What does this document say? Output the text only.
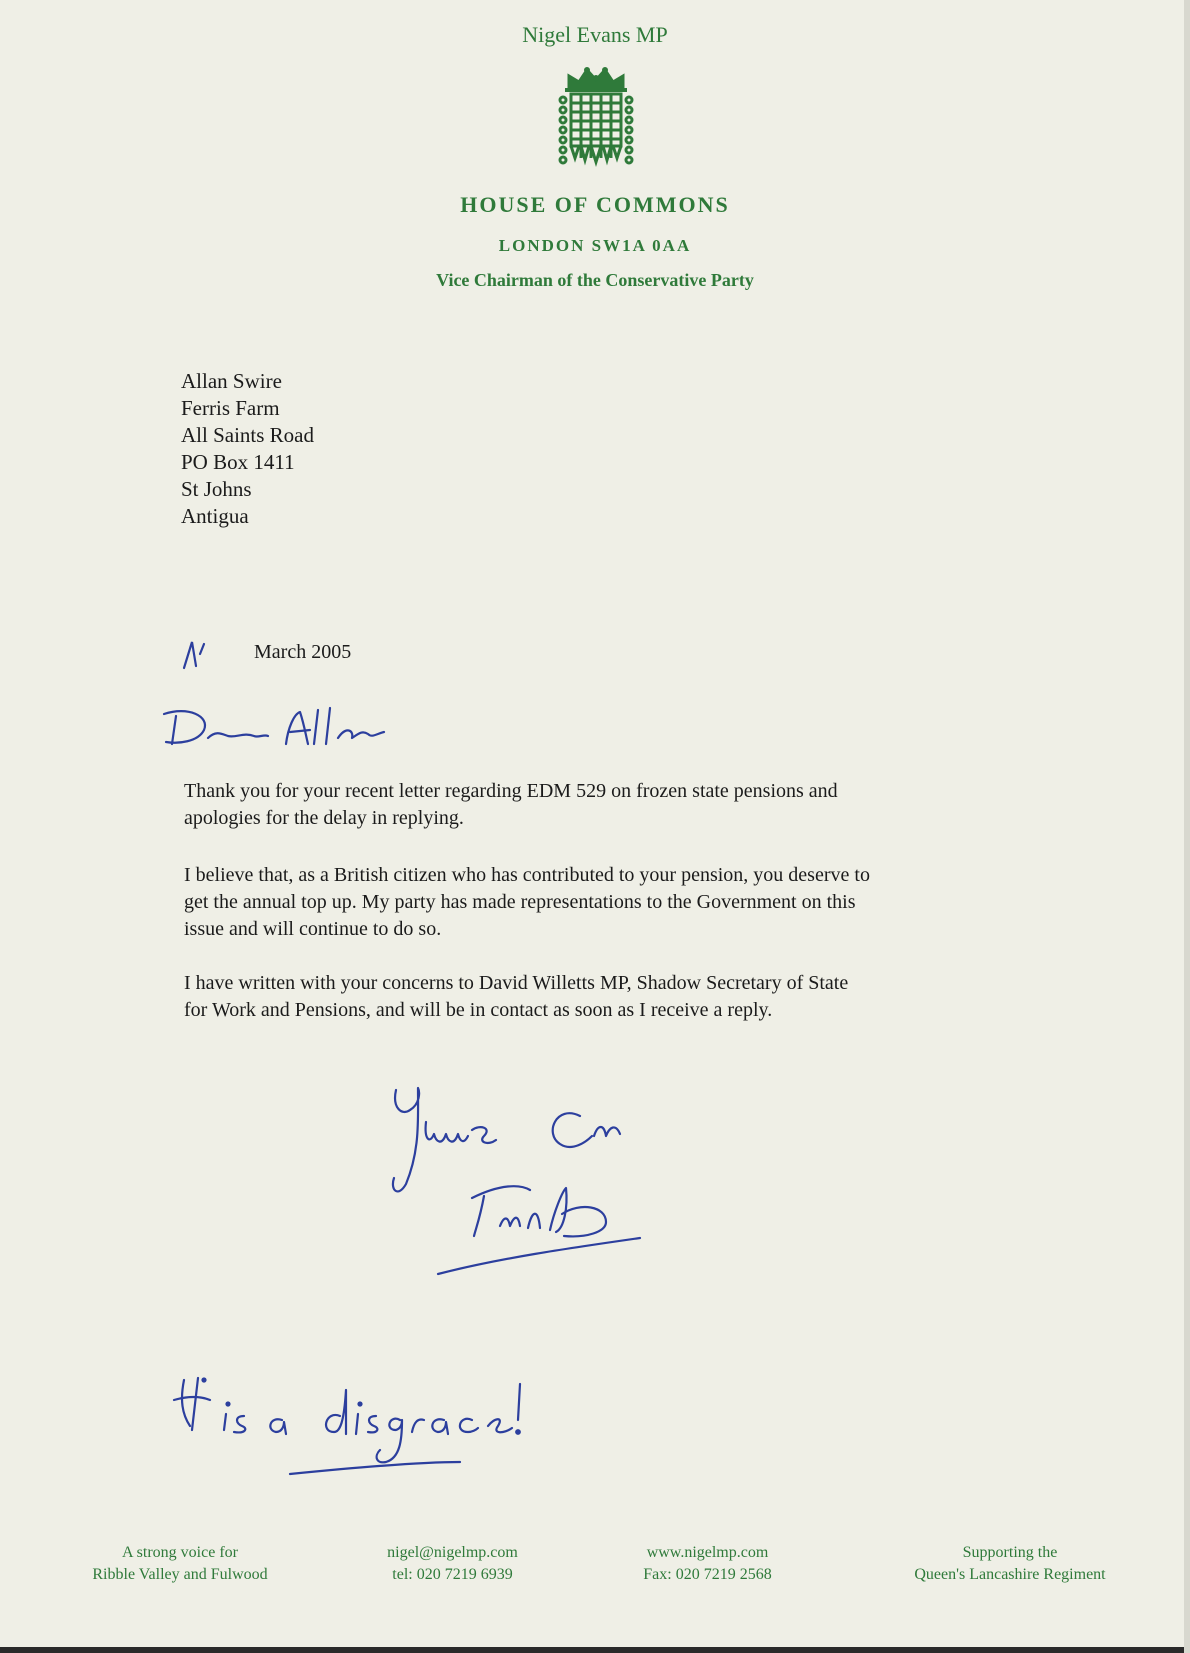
Nigel Evans MP
HOUSE OF COMMONS
LONDON SW1A 0AA
Vice Chairman of the Conservative Party
Allan Swire
Ferris Farm
All Saints Road
PO Box 1411
St Johns
Antigua
March 2005
Thank you for your recent letter regarding EDM 529 on frozen state pensions and
apologies for the delay in replying.
I believe that, as a British citizen who has contributed to your pension, you deserve to
get the annual top up. My party has made representations to the Government on this
issue and will continue to do so.
I have written with your concerns to David Willetts MP, Shadow Secretary of State
for Work and Pensions, and will be in contact as soon as I receive a reply.
A strong voice for
Ribble Valley and Fulwood
nigel@nigelmp.com
tel: 020 7219 6939
www.nigelmp.com
Fax: 020 7219 2568
Supporting the
Queen's Lancashire Regiment
